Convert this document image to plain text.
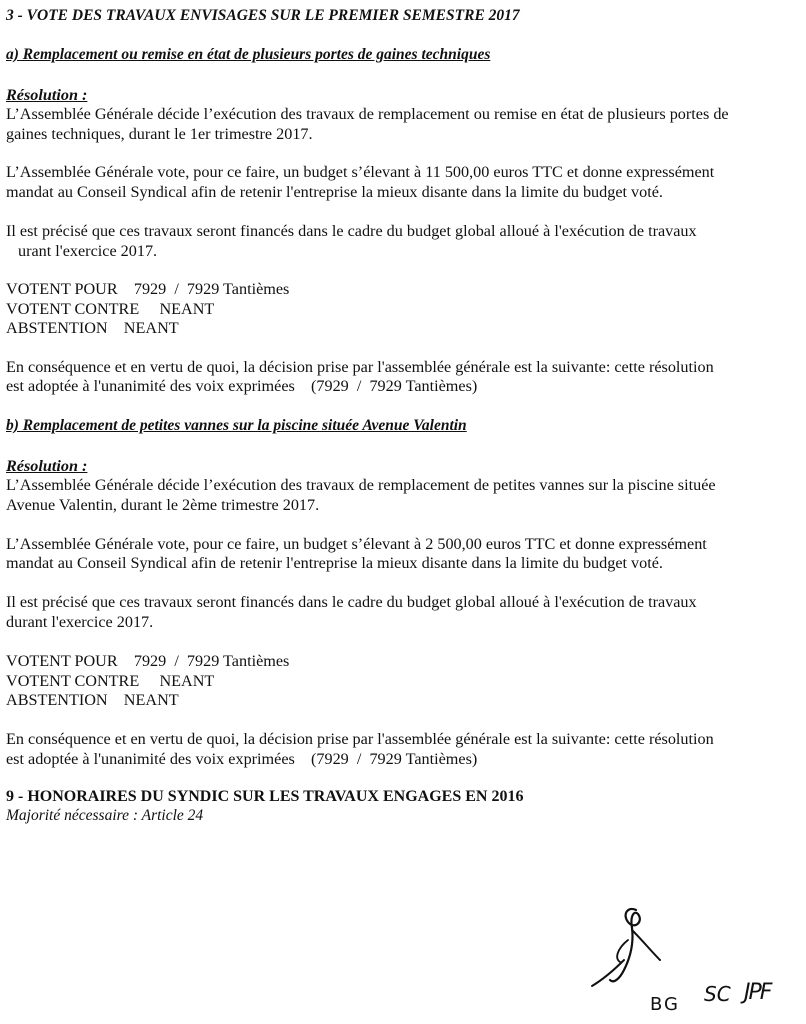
3 - VOTE DES TRAVAUX ENVISAGES SUR LE PREMIER SEMESTRE 2017
a) Remplacement ou remise en état de plusieurs portes de gaines techniques
Résolution :
L’Assemblée Générale décide l’exécution des travaux de remplacement ou remise en état de plusieurs portes de
gaines techniques, durant le 1er trimestre 2017.
L’Assemblée Générale vote, pour ce faire, un budget s’élevant à 11 500,00 euros TTC et donne expressément
mandat au Conseil Syndical afin de retenir l'entreprise la mieux disante dans la limite du budget voté.
Il est précisé que ces travaux seront financés dans le cadre du budget global alloué à l'exécution de travaux
urant l'exercice 2017.
VOTENT POUR    7929  /  7929 Tantièmes
VOTENT CONTRE     NEANT
ABSTENTION    NEANT
En conséquence et en vertu de quoi, la décision prise par l'assemblée générale est la suivante: cette résolution
est adoptée à l'unanimité des voix exprimées    (7929  /  7929 Tantièmes)
b) Remplacement de petites vannes sur la piscine située Avenue Valentin
Résolution :
L’Assemblée Générale décide l’exécution des travaux de remplacement de petites vannes sur la piscine située
Avenue Valentin, durant le 2ème trimestre 2017.
L’Assemblée Générale vote, pour ce faire, un budget s’élevant à 2 500,00 euros TTC et donne expressément
mandat au Conseil Syndical afin de retenir l'entreprise la mieux disante dans la limite du budget voté.
Il est précisé que ces travaux seront financés dans le cadre du budget global alloué à l'exécution de travaux
durant l'exercice 2017.
VOTENT POUR    7929  /  7929 Tantièmes
VOTENT CONTRE     NEANT
ABSTENTION    NEANT
En conséquence et en vertu de quoi, la décision prise par l'assemblée générale est la suivante: cette résolution
est adoptée à l'unanimité des voix exprimées    (7929  /  7929 Tantièmes)
9 - HONORAIRES DU SYNDIC SUR LES TRAVAUX ENGAGES EN 2016
Majorité nécessaire : Article 24
BG SC JPF
